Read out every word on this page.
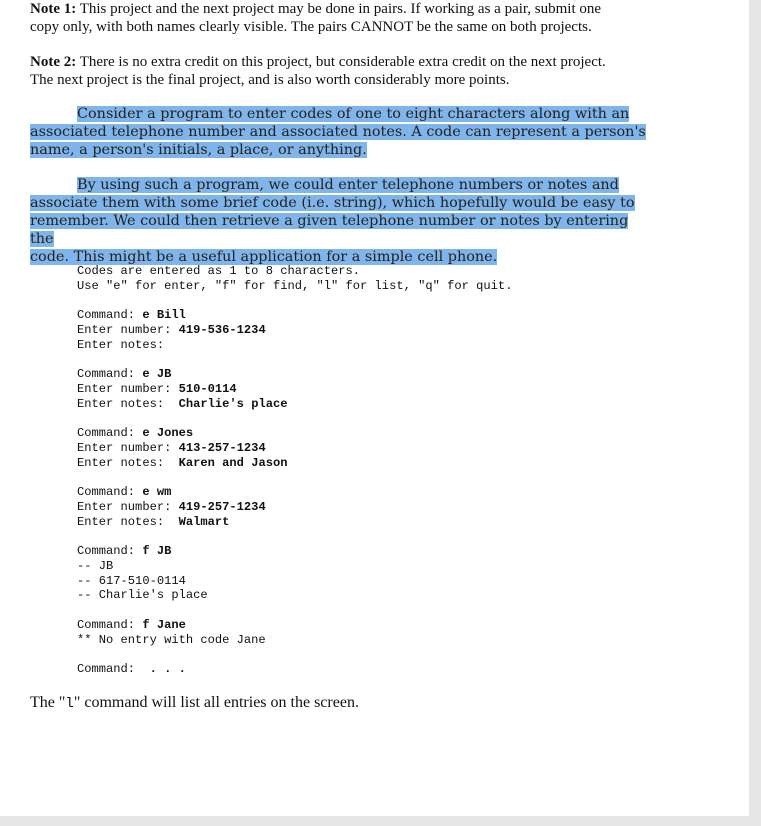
Note 1: This project and the next project may be done in pairs. If working as a pair, submit one
copy only, with both names clearly visible. The pairs CANNOT be the same on both projects.
Note 2: There is no extra credit on this project, but considerable extra credit on the next project.
The next project is the final project, and is also worth considerably more points.
Consider a program to enter codes of one to eight characters along with an
associated telephone number and associated notes. A code can represent a person's
name, a person's initials, a place, or anything.
By using such a program, we could enter telephone numbers or notes and
associate them with some brief code (i.e. string), which hopefully would be easy to
remember. We could then retrieve a given telephone number or notes by entering the
code. This might be a useful application for a simple cell phone.
Codes are entered as 1 to 8 characters.
Use "e" for enter, "f" for find, "l" for list, "q" for quit.
Command: e Bill
Enter number: 419-536-1234
Enter notes:
Command: e JB
Enter number: 510-0114
Enter notes:  Charlie's place
Command: e Jones
Enter number: 413-257-1234
Enter notes:  Karen and Jason
Command: e wm
Enter number: 419-257-1234
Enter notes:  Walmart
Command: f JB
-- JB
-- 617-510-0114
-- Charlie's place
Command: f Jane
** No entry with code Jane
Command:  . . .
The "l" command will list all entries on the screen.
